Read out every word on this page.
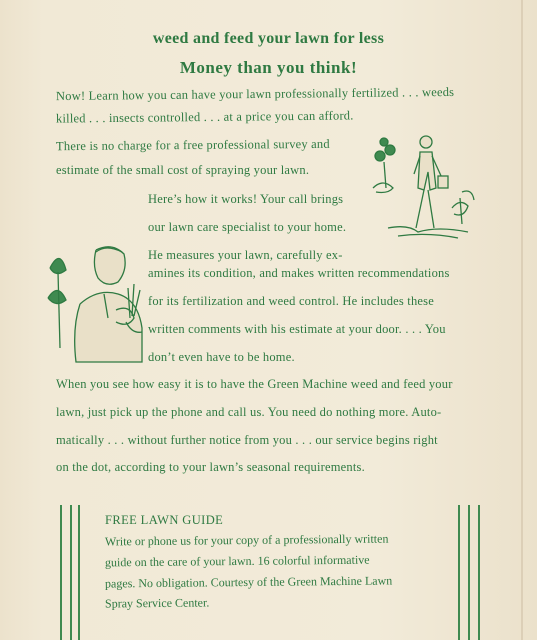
weed and feed your lawn for less
Money than you think!
Now! Learn how you can have your lawn professionally fertilized . . . weeds
killed . . . insects controlled . . . at a price you can afford.
There is no charge for a free professional survey and
estimate of the small cost of spraying your lawn.
Here’s how it works! Your call brings
our lawn care specialist to your home.
He measures your lawn, carefully ex-
amines its condition, and makes written recommendations
for its fertilization and weed control. He includes these
written comments with his estimate at your door. . . . You
don’t even have to be home.
When you see how easy it is to have the Green Machine weed and feed your
lawn, just pick up the phone and call us. You need do nothing more. Auto-
matically . . . without further notice from you . . . our service begins right
on the dot, according to your lawn’s seasonal requirements.
FREE LAWN GUIDE
Write or phone us for your copy of a professionally written
guide on the care of your lawn. 16 colorful informative
pages. No obligation. Courtesy of the Green Machine Lawn
Spray Service Center.
